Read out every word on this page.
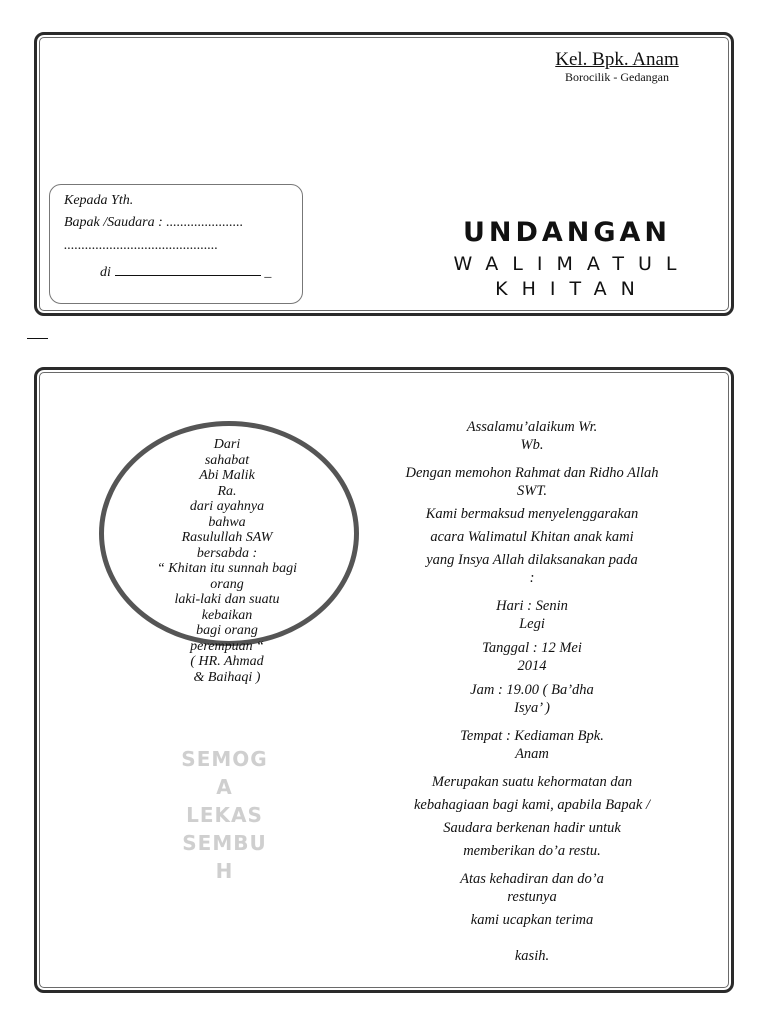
Kel. Bpk. Anam
Borocilik - Gedangan
Kepada Yth.
Bapak /Saudara : ......................
............................................
di	_
UNDANGAN
WALIMATUL
KHITAN
Dari
sahabat
Abi Malik
Ra.
dari ayahnya
bahwa
Rasulullah SAW
bersabda :
“ Khitan itu sunnah bagi
orang
laki-laki dan suatu
kebaikan
bagi orang
perempuan “
( HR. Ahmad
& Baihaqi )
SEMOG
A
LEKAS
SEMBU
H
Assalamu’alaikum Wr.
Wb.
Dengan memohon Rahmat dan Ridho Allah
SWT.
Kami bermaksud menyelenggarakan
acara Walimatul Khitan anak kami
yang Insya Allah dilaksanakan pada
:
Hari : Senin
Legi
Tanggal : 12 Mei
2014
Jam : 19.00 ( Ba’dha
Isya’ )
Tempat : Kediaman Bpk.
Anam
Merupakan suatu kehormatan dan
kebahagiaan bagi kami, apabila Bapak /
Saudara berkenan hadir untuk
memberikan do’a restu.
Atas kehadiran dan do’a
restunya
kami ucapkan terima
kasih.
